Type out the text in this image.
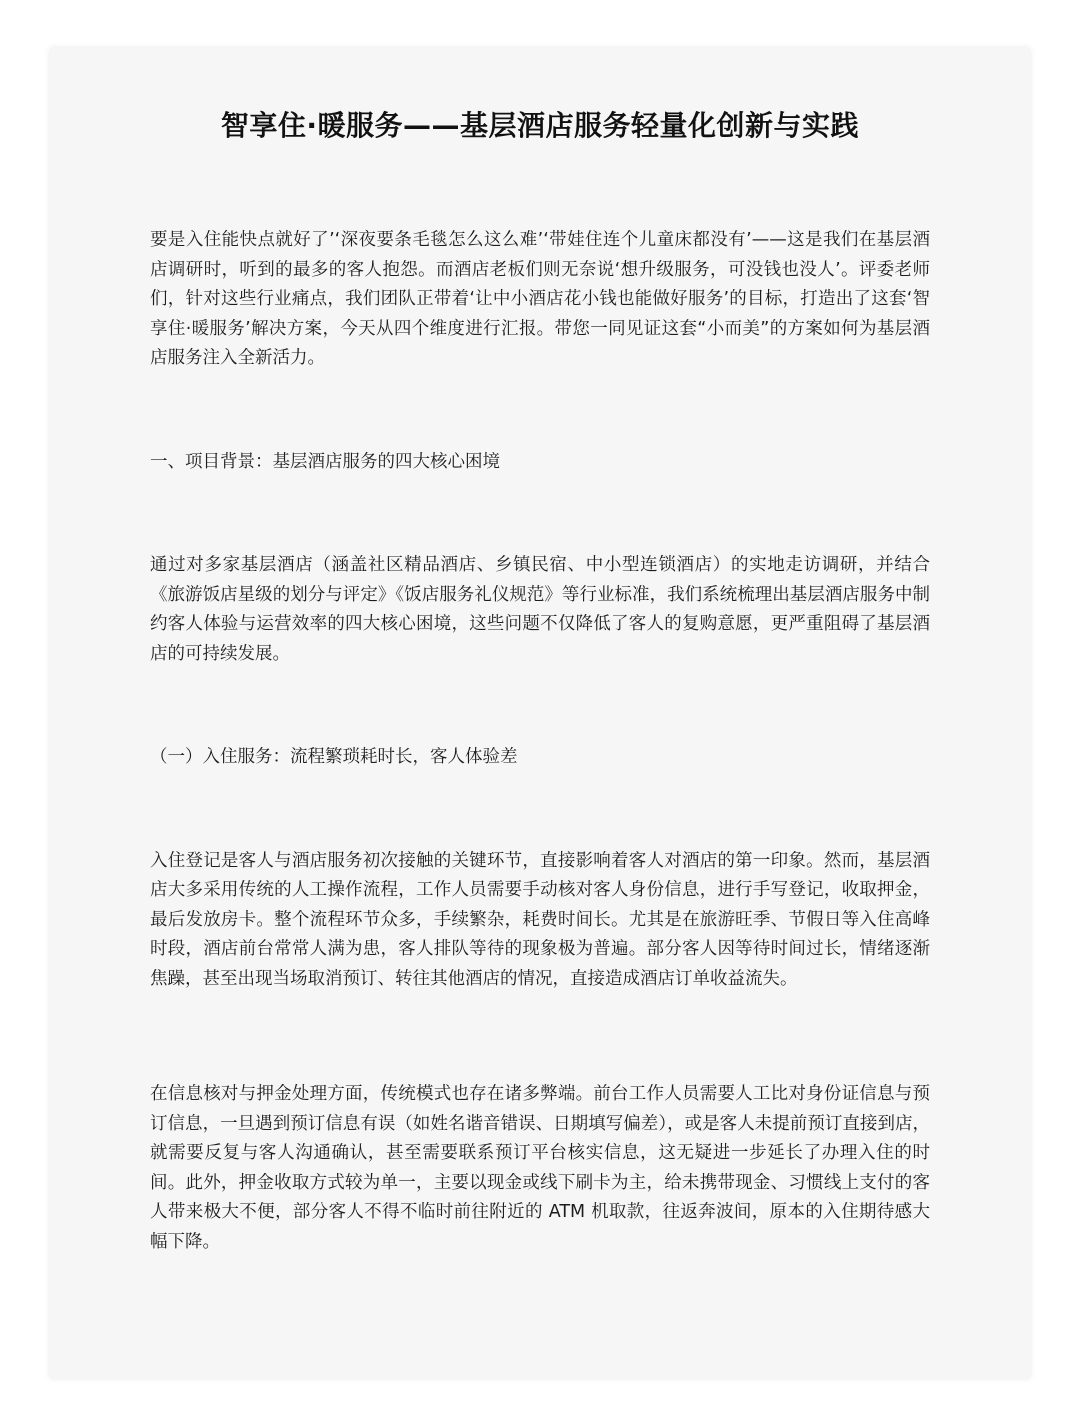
智享住·暖服务——基层酒店服务轻量化创新与实践

要是入住能快点就好了’‘深夜要条毛毯怎么这么难’‘带娃住连个儿童床都没有’——这是我们在基层酒店调研时，听到的最多的客人抱怨。而酒店老板们则无奈说‘想升级服务，可没钱也没人’。评委老师们，针对这些行业痛点，我们团队正带着‘让中小酒店花小钱也能做好服务’的目标，打造出了这套‘智享住·暖服务’解决方案，今天从四个维度进行汇报。带您一同见证这套“小而美”的方案如何为基层酒店服务注入全新活力。

一、项目背景：基层酒店服务的四大核心困境

通过对多家基层酒店（涵盖社区精品酒店、乡镇民宿、中小型连锁酒店）的实地走访调研，并结合《旅游饭店星级的划分与评定》《饭店服务礼仪规范》等行业标准，我们系统梳理出基层酒店服务中制约客人体验与运营效率的四大核心困境，这些问题不仅降低了客人的复购意愿，更严重阻碍了基层酒店的可持续发展。

（一）入住服务：流程繁琐耗时长，客人体验差

入住登记是客人与酒店服务初次接触的关键环节，直接影响着客人对酒店的第一印象。然而，基层酒店大多采用传统的人工操作流程，工作人员需要手动核对客人身份信息，进行手写登记，收取押金，最后发放房卡。整个流程环节众多，手续繁杂，耗费时间长。尤其是在旅游旺季、节假日等入住高峰时段，酒店前台常常人满为患，客人排队等待的现象极为普遍。部分客人因等待时间过长，情绪逐渐焦躁，甚至出现当场取消预订、转往其他酒店的情况，直接造成酒店订单收益流失。

在信息核对与押金处理方面，传统模式也存在诸多弊端。前台工作人员需要人工比对身份证信息与预订信息，一旦遇到预订信息有误（如姓名谐音错误、日期填写偏差），或是客人未提前预订直接到店，就需要反复与客人沟通确认，甚至需要联系预订平台核实信息，这无疑进一步延长了办理入住的时间。此外，押金收取方式较为单一，主要以现金或线下刷卡为主，给未携带现金、习惯线上支付的客人带来极大不便，部分客人不得不临时前往附近的 ATM 机取款，往返奔波间，原本的入住期待感大幅下降。
